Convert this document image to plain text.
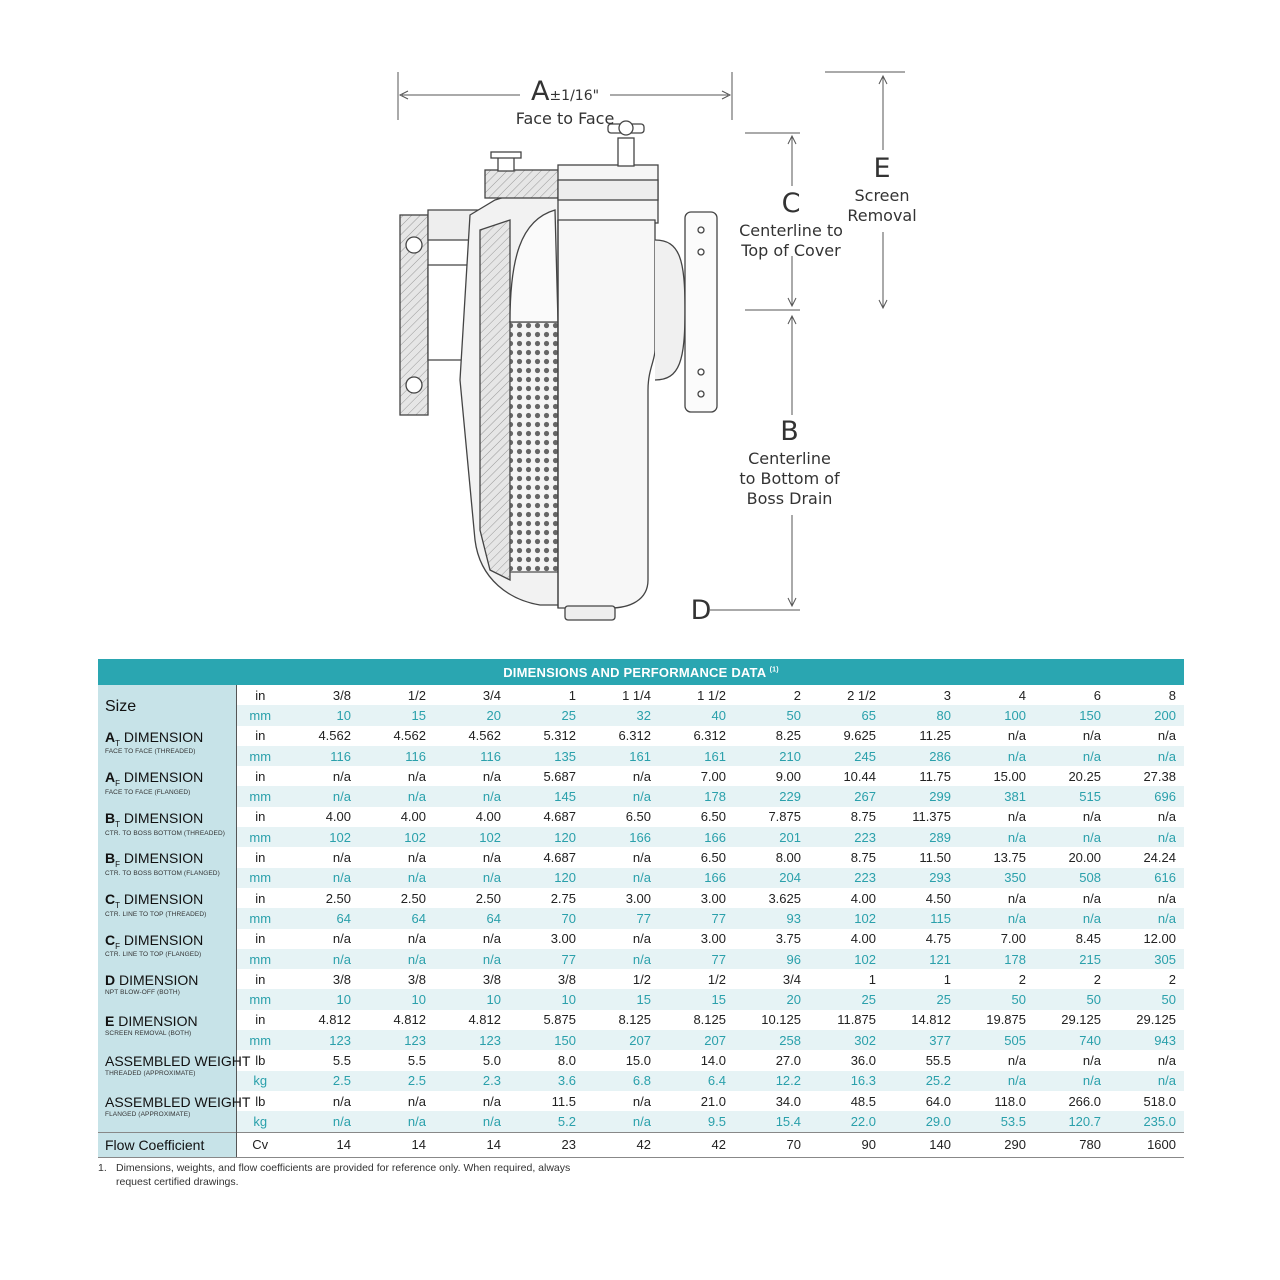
A±1/16"
Face to Face
C
Centerline to
Top of Cover
E
Screen
Removal
B
Centerline
to Bottom of
Boss Drain
D
DIMENSIONS AND PERFORMANCE DATA $^{(1)}$

Size	in	3/8	1/2	3/4	1	1 1/4	1 1/2	2	2 1/2	3	4	6	8
	mm	10	15	20	25	32	40	50	65	80	100	150	200

$A_T$ DIMENSION
FACE TO FACE (THREADED)	in	4.562	4.562	4.562	5.312	6.312	6.312	8.25	9.625	11.25	n/a	n/a	n/a
	mm	116	116	116	135	161	161	210	245	286	n/a	n/a	n/a

$A_F$ DIMENSION
FACE TO FACE (FLANGED)	in	n/a	n/a	n/a	5.687	n/a	7.00	9.00	10.44	11.75	15.00	20.25	27.38
	mm	n/a	n/a	n/a	145	n/a	178	229	267	299	381	515	696

$B_T$ DIMENSION
CTR. TO BOSS BOTTOM (THREADED)	in	4.00	4.00	4.00	4.687	6.50	6.50	7.875	8.75	11.375	n/a	n/a	n/a
	mm	102	102	102	120	166	166	201	223	289	n/a	n/a	n/a

$B_F$ DIMENSION
CTR. TO BOSS BOTTOM (FLANGED)	in	n/a	n/a	n/a	4.687	n/a	6.50	8.00	8.75	11.50	13.75	20.00	24.24
	mm	n/a	n/a	n/a	120	n/a	166	204	223	293	350	508	616

$C_T$ DIMENSION
CTR. LINE TO TOP (THREADED)	in	2.50	2.50	2.50	2.75	3.00	3.00	3.625	4.00	4.50	n/a	n/a	n/a
	mm	64	64	64	70	77	77	93	102	115	n/a	n/a	n/a

$C_F$ DIMENSION
CTR. LINE TO TOP (FLANGED)	in	n/a	n/a	n/a	3.00	n/a	3.00	3.75	4.00	4.75	7.00	8.45	12.00
	mm	n/a	n/a	n/a	77	n/a	77	96	102	121	178	215	305

D DIMENSION
NPT BLOW-OFF (BOTH)	in	3/8	3/8	3/8	3/8	1/2	1/2	3/4	1	1	2	2	2
	mm	10	10	10	10	15	15	20	25	25	50	50	50

E DIMENSION
SCREEN REMOVAL (BOTH)	in	4.812	4.812	4.812	5.875	8.125	8.125	10.125	11.875	14.812	19.875	29.125	29.125
	mm	123	123	123	150	207	207	258	302	377	505	740	943

ASSEMBLED WEIGHT
THREADED (APPROXIMATE)	lb	5.5	5.5	5.0	8.0	15.0	14.0	27.0	36.0	55.5	n/a	n/a	n/a
	kg	2.5	2.5	2.3	3.6	6.8	6.4	12.2	16.3	25.2	n/a	n/a	n/a

ASSEMBLED WEIGHT
FLANGED (APPROXIMATE)	lb	n/a	n/a	n/a	11.5	n/a	21.0	34.0	48.5	64.0	118.0	266.0	518.0
	kg	n/a	n/a	n/a	5.2	n/a	9.5	15.4	22.0	29.0	53.5	120.7	235.0

Flow Coefficient	Cv	14	14	14	23	42	42	70	90	140	290	780	1600
1. Dimensions, weights, and flow coefficients are provided for reference only. When required, always
request certified drawings.
